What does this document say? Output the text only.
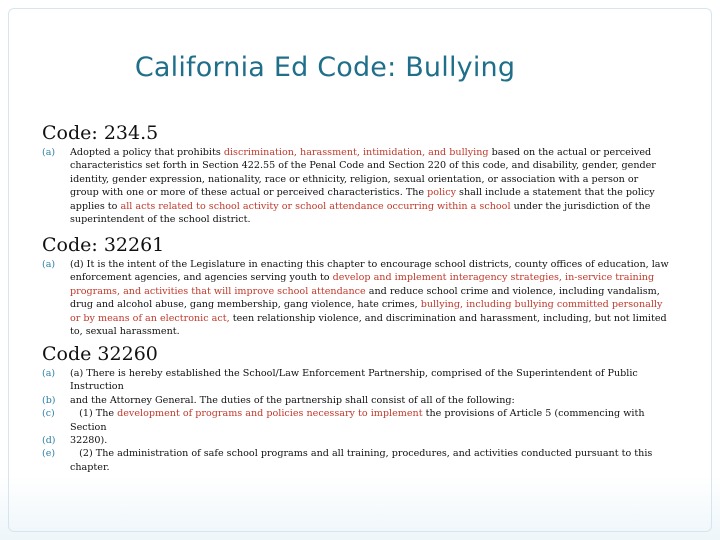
California Ed Code: Bullying
Code: 234.5
(a)	Adopted a policy that prohibits discrimination, harassment, intimidation, and bullying based on the actual or perceived characteristics set forth in Section 422.55 of the Penal Code and Section 220 of this code, and disability, gender, gender identity, gender expression, nationality, race or ethnicity, religion, sexual orientation, or association with a person or group with one or more of these actual or perceived characteristics. The policy shall include a statement that the policy applies to all acts related to school activity or school attendance occurring within a school under the jurisdiction of the superintendent of the school district.
Code: 32261
(a)	(d) It is the intent of the Legislature in enacting this chapter to encourage school districts, county offices of education, law enforcement agencies, and agencies serving youth to develop and implement interagency strategies, in-service training programs, and activities that will improve school attendance and reduce school crime and violence, including vandalism, drug and alcohol abuse, gang membership, gang violence, hate crimes, bullying, including bullying committed personally or by means of an electronic act, teen relationship violence, and discrimination and harassment, including, but not limited to, sexual harassment.
Code 32260
(a)	(a) There is hereby established the School/Law Enforcement Partnership, comprised of the Superintendent of Public Instruction
(b)	and the Attorney General. The duties of the partnership shall consist of all of the following:
(c)	(1) The development of programs and policies necessary to implement the provisions of Article 5 (commencing with Section
(d)	32280).
(e)	(2) The administration of safe school programs and all training, procedures, and activities conducted pursuant to this chapter.
